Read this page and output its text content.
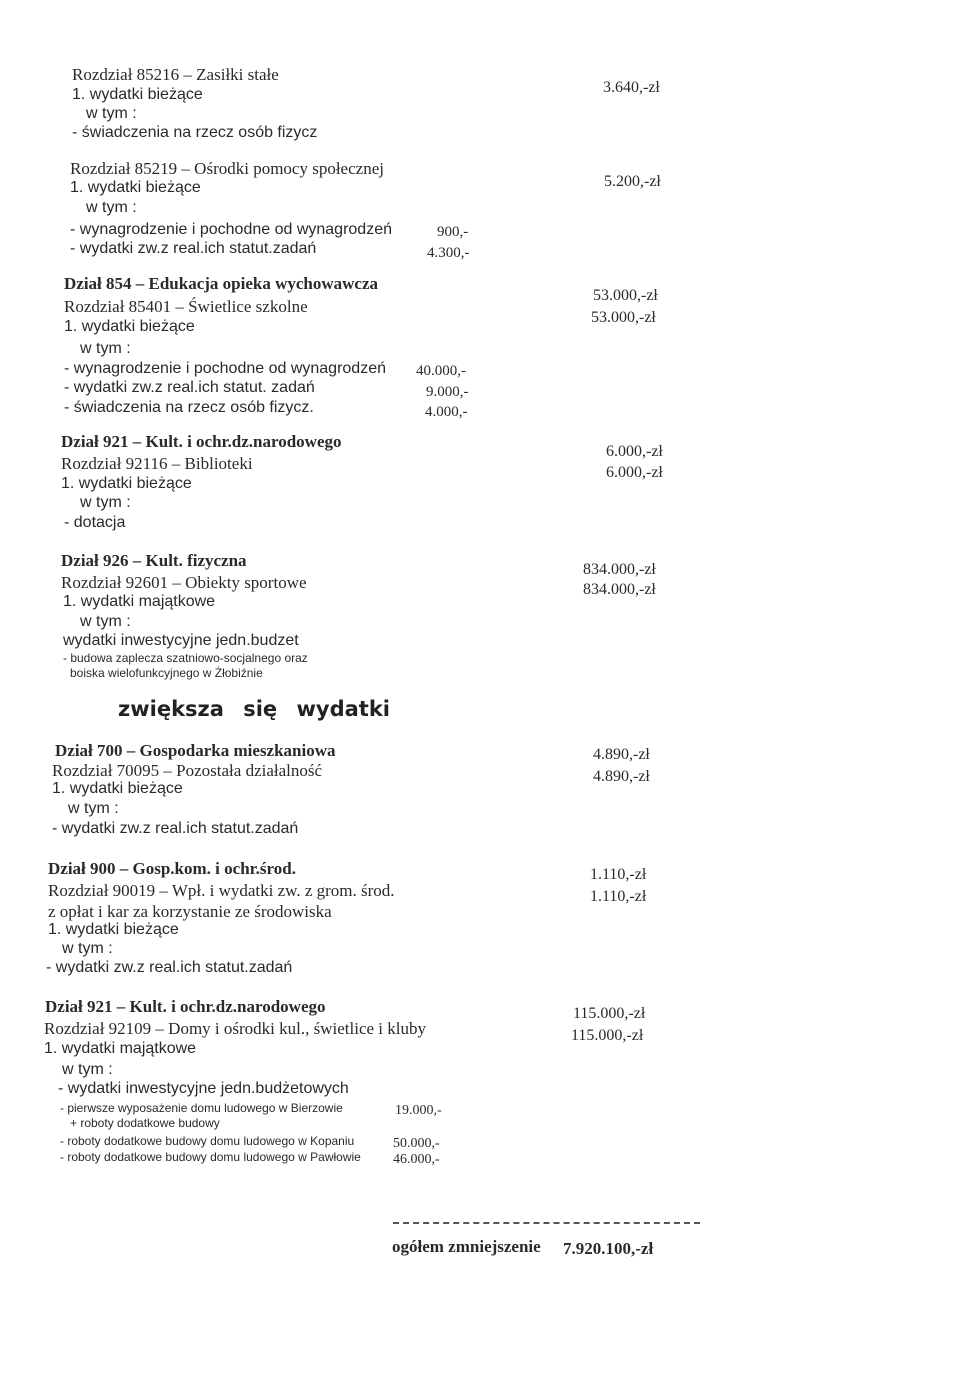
Rozdział 85216 – Zasiłki stałe
1. wydatki bieżące
w tym :
- świadczenia na rzecz osób fizycz
3.640,-zł
Rozdział 85219 – Ośrodki pomocy społecznej
1. wydatki bieżące
w tym :
- wynagrodzenie i pochodne od wynagrodzeń
- wydatki zw.z real.ich statut.zadań
900,-
4.300,-
5.200,-zł
Dział 854 – Edukacja opieka wychowawcza
Rozdział 85401 – Świetlice szkolne
1. wydatki bieżące
w tym :
- wynagrodzenie i pochodne od wynagrodzeń
- wydatki zw.z real.ich statut. zadań
- świadczenia na rzecz osób fizycz.
40.000,-
9.000,-
4.000,-
53.000,-zł
53.000,-zł
Dział 921 – Kult. i ochr.dz.narodowego
Rozdział 92116 – Biblioteki
1. wydatki bieżące
w tym :
- dotacja
6.000,-zł
6.000,-zł
Dział 926 – Kult. fizyczna
Rozdział 92601 – Obiekty sportowe
1. wydatki majątkowe
w tym :
wydatki inwestycyjne jedn.budzet
- budowa zaplecza szatniowo-socjalnego oraz
boiska wielofunkcyjnego w Żłobiźnie
834.000,-zł
834.000,-zł
zwiększa się wydatki
Dział 700 – Gospodarka mieszkaniowa
Rozdział 70095 – Pozostała działalność
1. wydatki bieżące
w tym :
- wydatki zw.z real.ich statut.zadań
4.890,-zł
4.890,-zł
Dział 900 – Gosp.kom. i ochr.środ.
Rozdział 90019 – Wpł. i wydatki zw. z grom. środ.
z opłat i kar za korzystanie ze środowiska
1. wydatki bieżące
w tym :
- wydatki zw.z real.ich statut.zadań
1.110,-zł
1.110,-zł
Dział 921 – Kult. i ochr.dz.narodowego
Rozdział 92109 – Domy i ośrodki kul., świetlice i kluby
1. wydatki majątkowe
w tym :
- wydatki inwestycyjne jedn.budżetowych
- pierwsze wyposażenie domu ludowego w Bierzowie
+ roboty dodatkowe budowy
- roboty dodatkowe budowy domu ludowego w Kopaniu
- roboty dodatkowe budowy domu ludowego w Pawłowie
19.000,-
50.000,-
46.000,-
115.000,-zł
115.000,-zł
ogółem zmniejszenie 7.920.100,-zł
